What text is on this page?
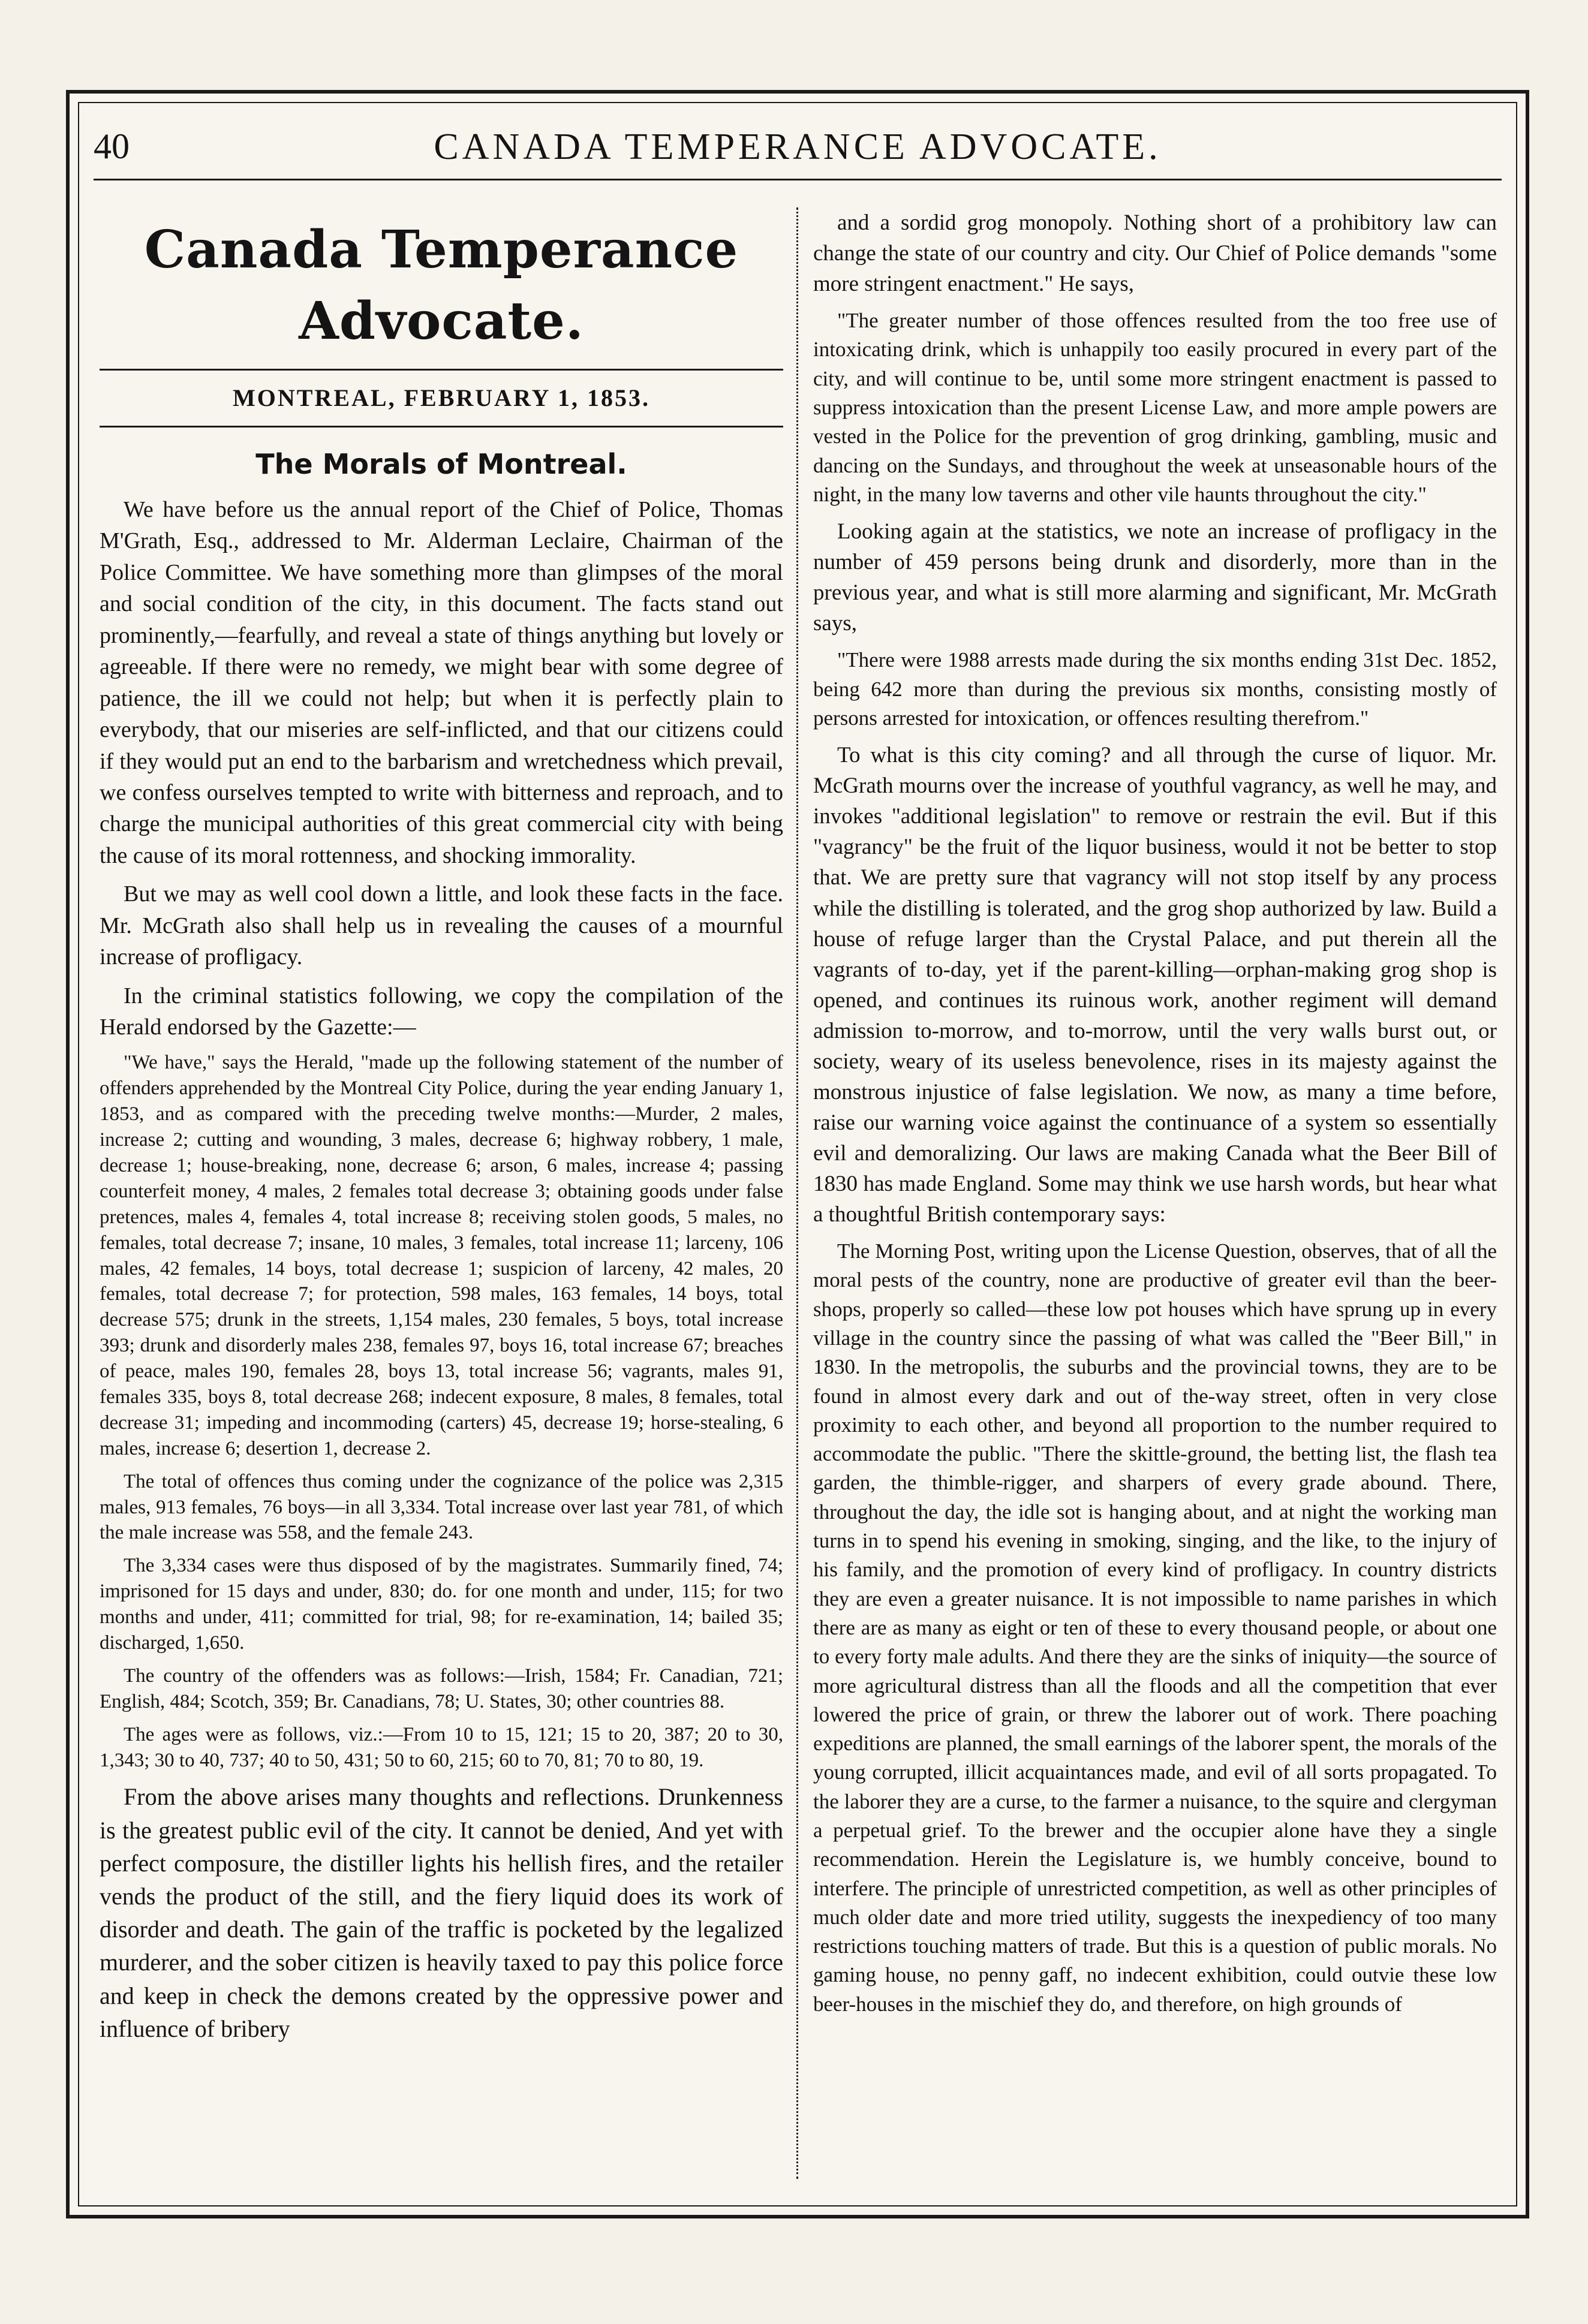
40	CANADA TEMPERANCE ADVOCATE.
Canada Temperance Advocate.
MONTREAL, FEBRUARY 1, 1853.
The Morals of Montreal.

We have before us the annual report of the Chief of Police, Thomas M'Grath, Esq., addressed to Mr. Alderman Leclaire, Chairman of the Police Committee. We have something more than glimpses of the moral and social condition of the city, in this document. The facts stand out prominently,—fearfully, and reveal a state of things anything but lovely or agreeable. If there were no remedy, we might bear with some degree of patience, the ill we could not help; but when it is perfectly plain to everybody, that our miseries are self-inflicted, and that our citizens could if they would put an end to the barbarism and wretchedness which prevail, we confess ourselves tempted to write with bitterness and reproach, and to charge the municipal authorities of this great commercial city with being the cause of its moral rottenness, and shocking immorality.

But we may as well cool down a little, and look these facts in the face. Mr. McGrath also shall help us in revealing the causes of a mournful increase of profligacy.

In the criminal statistics following, we copy the compilation of the Herald endorsed by the Gazette:—

"We have," says the Herald, "made up the following statement of the number of offenders apprehended by the Montreal City Police, during the year ending January 1, 1853, and as compared with the preceding twelve months:—Murder, 2 males, increase 2; cutting and wounding, 3 males, decrease 6; highway robbery, 1 male, decrease 1; house-breaking, none, decrease 6; arson, 6 males, increase 4; passing counterfeit money, 4 males, 2 females total decrease 3; obtaining goods under false pretences, males 4, females 4, total increase 8; receiving stolen goods, 5 males, no females, total decrease 7; insane, 10 males, 3 females, total increase 11; larceny, 106 males, 42 females, 14 boys, total decrease 1; suspicion of larceny, 42 males, 20 females, total decrease 7; for protection, 598 males, 163 females, 14 boys, total decrease 575; drunk in the streets, 1,154 males, 230 females, 5 boys, total increase 393; drunk and disorderly males 238, females 97, boys 16, total increase 67; breaches of peace, males 190, females 28, boys 13, total increase 56; vagrants, males 91, females 335, boys 8, total decrease 268; indecent exposure, 8 males, 8 females, total decrease 31; impeding and incommoding (carters) 45, decrease 19; horse-stealing, 6 males, increase 6; desertion 1, decrease 2.

The total of offences thus coming under the cognizance of the police was 2,315 males, 913 females, 76 boys—in all 3,334. Total increase over last year 781, of which the male increase was 558, and the female 243.

The 3,334 cases were thus disposed of by the magistrates. Summarily fined, 74; imprisoned for 15 days and under, 830; do. for one month and under, 115; for two months and under, 411; committed for trial, 98; for re-examination, 14; bailed 35; discharged, 1,650.

The country of the offenders was as follows:—Irish, 1584; Fr. Canadian, 721; English, 484; Scotch, 359; Br. Canadians, 78; U. States, 30; other countries 88.

The ages were as follows, viz.:—From 10 to 15, 121; 15 to 20, 387; 20 to 30, 1,343; 30 to 40, 737; 40 to 50, 431; 50 to 60, 215; 60 to 70, 81; 70 to 80, 19.

From the above arises many thoughts and reflections. Drunkenness is the greatest public evil of the city. It cannot be denied, And yet with perfect composure, the distiller lights his hellish fires, and the retailer vends the product of the still, and the fiery liquid does its work of disorder and death. The gain of the traffic is pocketed by the legalized murderer, and the sober citizen is heavily taxed to pay this police force and keep in check the demons created by the oppressive power and influence of bribery

and a sordid grog monopoly. Nothing short of a prohibitory law can change the state of our country and city. Our Chief of Police demands "some more stringent enactment." He says,

"The greater number of those offences resulted from the too free use of intoxicating drink, which is unhappily too easily procured in every part of the city, and will continue to be, until some more stringent enactment is passed to suppress intoxication than the present License Law, and more ample powers are vested in the Police for the prevention of grog drinking, gambling, music and dancing on the Sundays, and throughout the week at unseasonable hours of the night, in the many low taverns and other vile haunts throughout the city."

Looking again at the statistics, we note an increase of profligacy in the number of 459 persons being drunk and disorderly, more than in the previous year, and what is still more alarming and significant, Mr. McGrath says,

"There were 1988 arrests made during the six months ending 31st Dec. 1852, being 642 more than during the previous six months, consisting mostly of persons arrested for intoxication, or offences resulting therefrom."

To what is this city coming? and all through the curse of liquor. Mr. McGrath mourns over the increase of youthful vagrancy, as well he may, and invokes "additional legislation" to remove or restrain the evil. But if this "vagrancy" be the fruit of the liquor business, would it not be better to stop that. We are pretty sure that vagrancy will not stop itself by any process while the distilling is tolerated, and the grog shop authorized by law. Build a house of refuge larger than the Crystal Palace, and put therein all the vagrants of to-day, yet if the parent-killing—orphan-making grog shop is opened, and continues its ruinous work, another regiment will demand admission to-morrow, and to-morrow, until the very walls burst out, or society, weary of its useless benevolence, rises in its majesty against the monstrous injustice of false legislation. We now, as many a time before, raise our warning voice against the continuance of a system so essentially evil and demoralizing. Our laws are making Canada what the Beer Bill of 1830 has made England. Some may think we use harsh words, but hear what a thoughtful British contemporary says:

The Morning Post, writing upon the License Question, observes, that of all the moral pests of the country, none are productive of greater evil than the beer-shops, properly so called—these low pot houses which have sprung up in every village in the country since the passing of what was called the "Beer Bill," in 1830. In the metropolis, the suburbs and the provincial towns, they are to be found in almost every dark and out of the-way street, often in very close proximity to each other, and beyond all proportion to the number required to accommodate the public. "There the skittle-ground, the betting list, the flash tea garden, the thimble-rigger, and sharpers of every grade abound. There, throughout the day, the idle sot is hanging about, and at night the working man turns in to spend his evening in smoking, singing, and the like, to the injury of his family, and the promotion of every kind of profligacy. In country districts they are even a greater nuisance. It is not impossible to name parishes in which there are as many as eight or ten of these to every thousand people, or about one to every forty male adults. And there they are the sinks of iniquity—the source of more agricultural distress than all the floods and all the competition that ever lowered the price of grain, or threw the laborer out of work. There poaching expeditions are planned, the small earnings of the laborer spent, the morals of the young corrupted, illicit acquaintances made, and evil of all sorts propagated. To the laborer they are a curse, to the farmer a nuisance, to the squire and clergyman a perpetual grief. To the brewer and the occupier alone have they a single recommendation. Herein the Legislature is, we humbly conceive, bound to interfere. The principle of unrestricted competition, as well as other principles of much older date and more tried utility, suggests the inexpediency of too many restrictions touching matters of trade. But this is a question of public morals. No gaming house, no penny gaff, no indecent exhibition, could outvie these low beer-houses in the mischief they do, and therefore, on high grounds of
